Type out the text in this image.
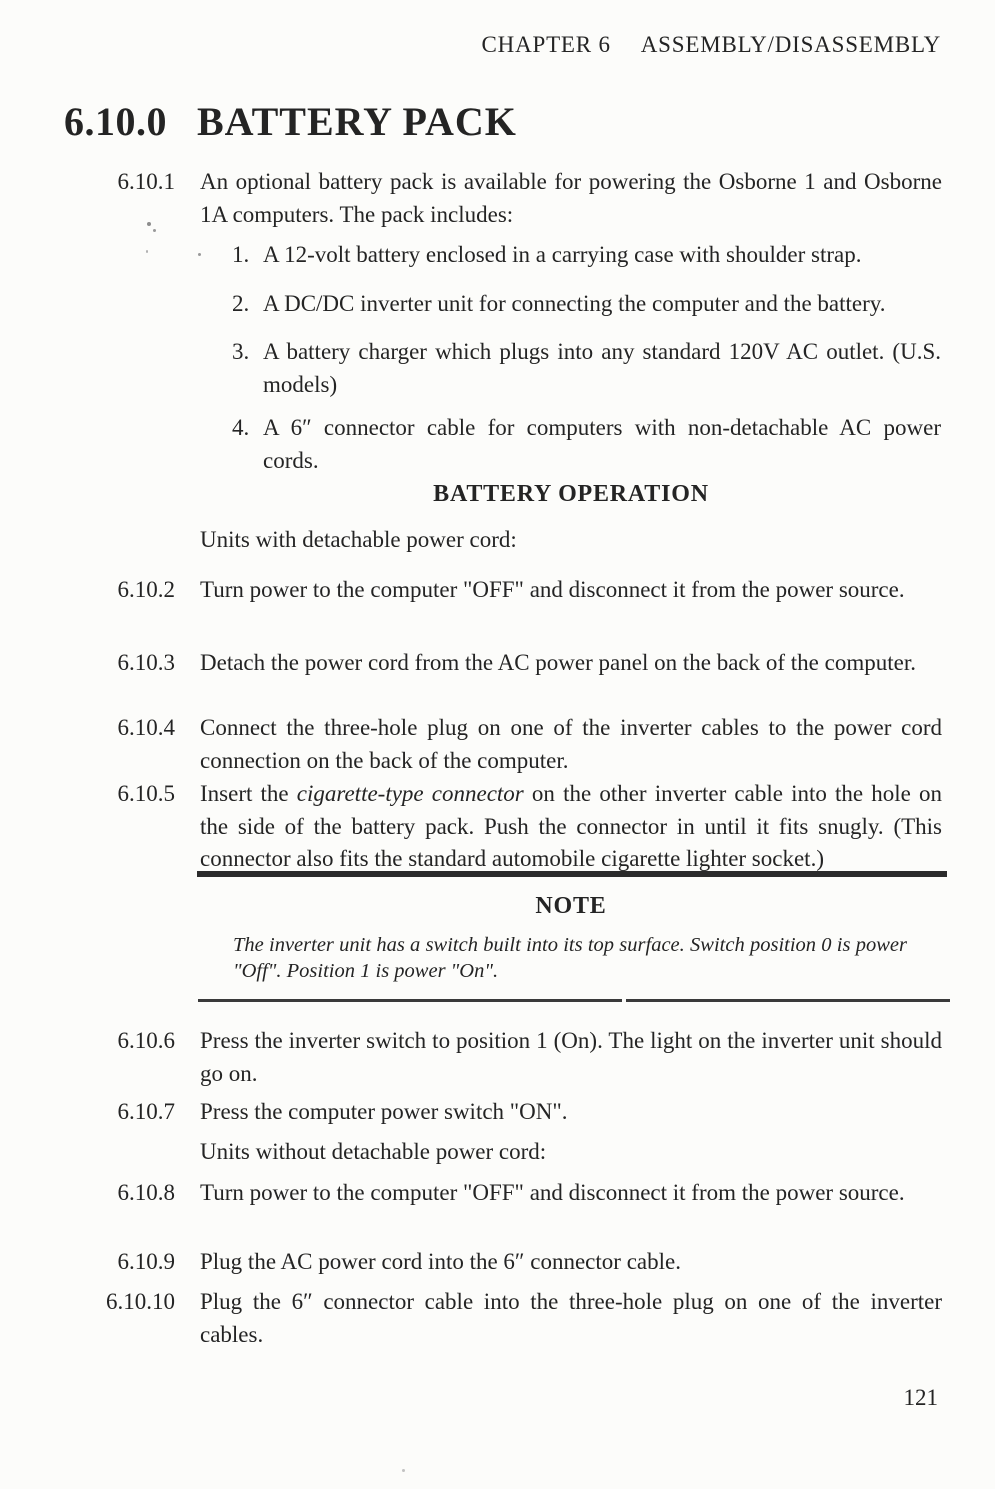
CHAPTER 6 ASSEMBLY/DISASSEMBLY
6.10.0 BATTERY PACK
6.10.1 An optional battery pack is available for powering the Osborne 1 and Osborne 1A computers. The pack includes:
1. A 12-volt battery enclosed in a carrying case with shoulder strap.
2. A DC/DC inverter unit for connecting the computer and the battery.
3. A battery charger which plugs into any standard 120V AC outlet. (U.S. models)
4. A 6″ connector cable for computers with non-detachable AC power cords.
BATTERY OPERATION
Units with detachable power cord:
6.10.2 Turn power to the computer "OFF" and disconnect it from the power source.
6.10.3 Detach the power cord from the AC power panel on the back of the computer.
6.10.4 Connect the three-hole plug on one of the inverter cables to the power cord connection on the back of the computer.
6.10.5 Insert the cigarette-type connector on the other inverter cable into the hole on the side of the battery pack. Push the connector in until it fits snugly. (This connector also fits the standard automobile cigarette lighter socket.)
NOTE
The inverter unit has a switch built into its top surface. Switch position 0 is power "Off". Position 1 is power "On".
6.10.6 Press the inverter switch to position 1 (On). The light on the inverter unit should go on.
6.10.7 Press the computer power switch "ON".
Units without detachable power cord:
6.10.8 Turn power to the computer "OFF" and disconnect it from the power source.
6.10.9 Plug the AC power cord into the 6″ connector cable.
6.10.10 Plug the 6″ connector cable into the three-hole plug on one of the inverter cables.
121
